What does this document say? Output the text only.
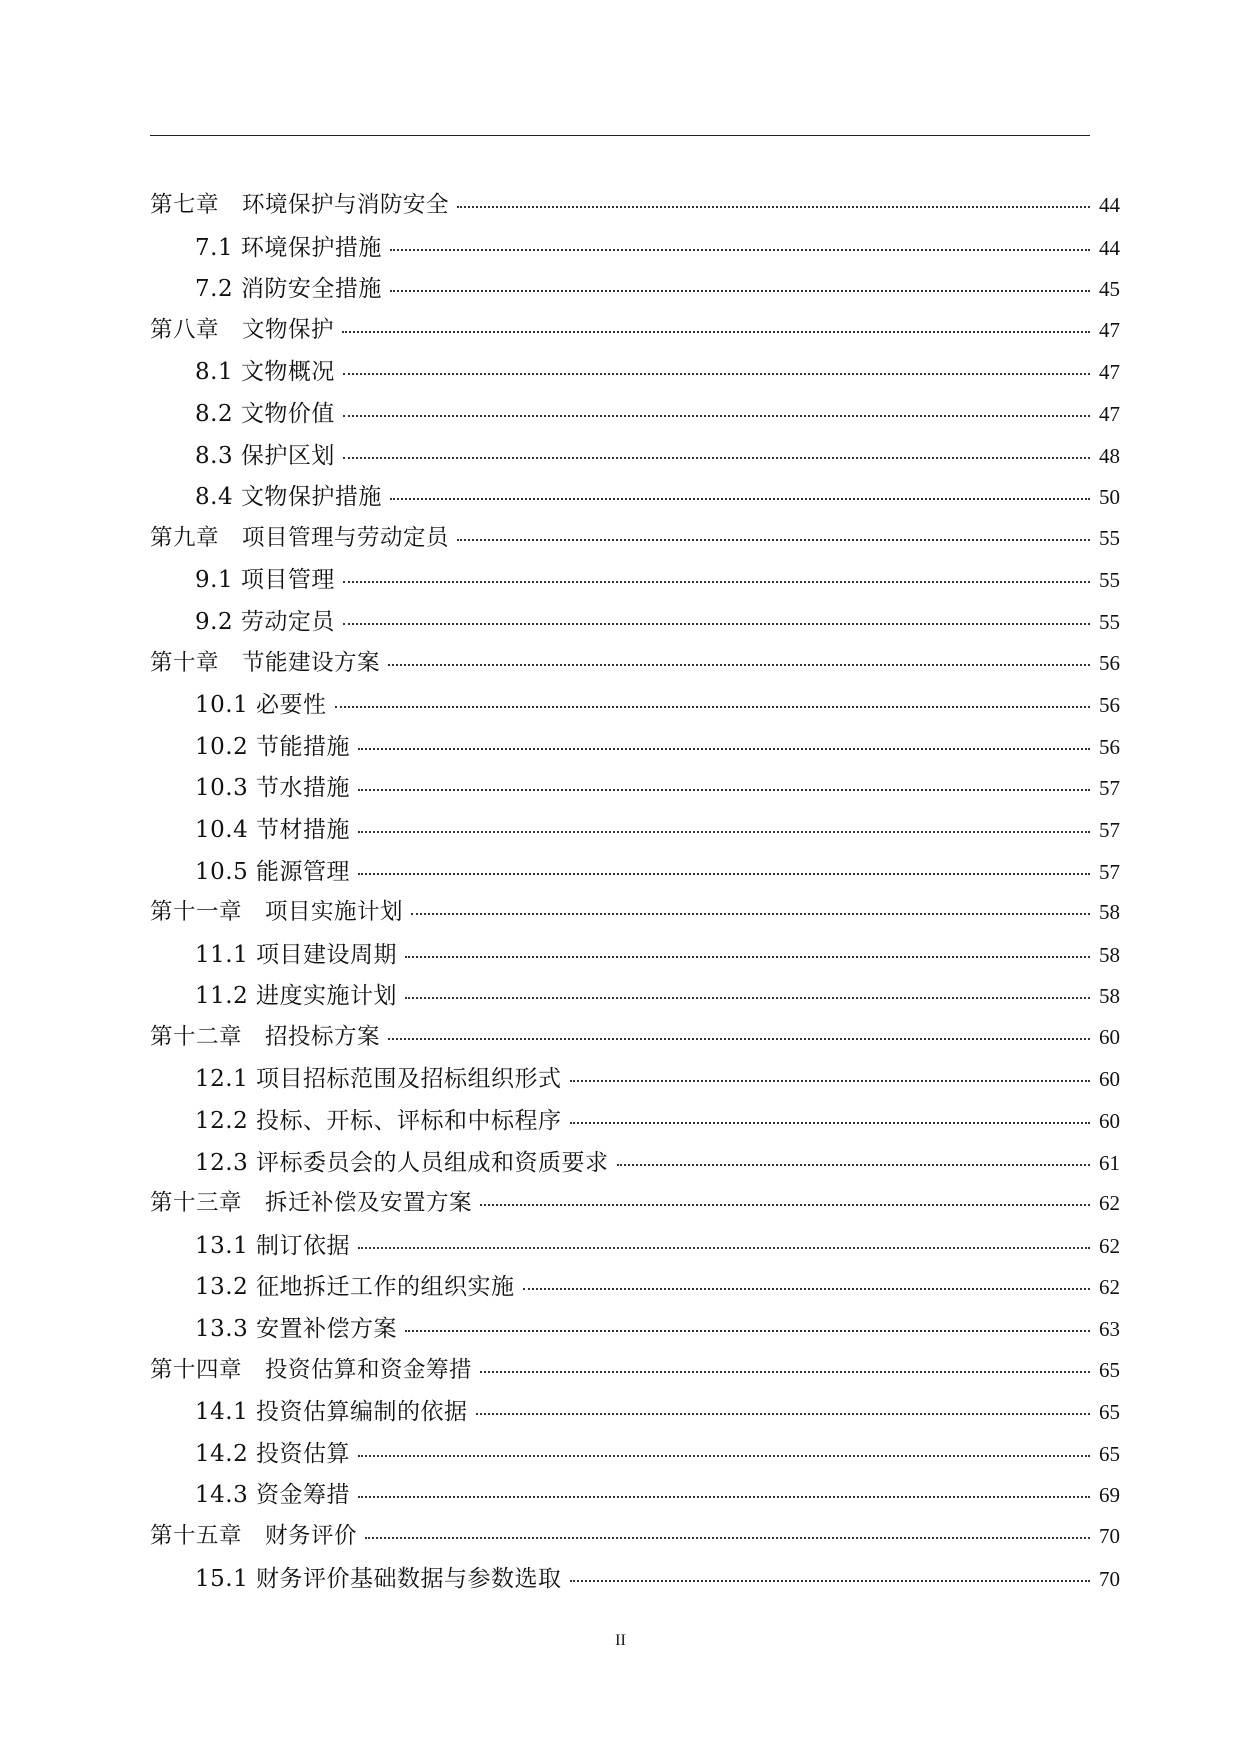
第七章　环境保护与消防安全	44
7.1 环境保护措施	44
7.2 消防安全措施	45
第八章　文物保护	47
8.1 文物概况	47
8.2 文物价值	47
8.3 保护区划	48
8.4 文物保护措施	50
第九章　项目管理与劳动定员	55
9.1 项目管理	55
9.2 劳动定员	55
第十章　节能建设方案	56
10.1 必要性	56
10.2 节能措施	56
10.3 节水措施	57
10.4 节材措施	57
10.5 能源管理	57
第十一章　项目实施计划	58
11.1 项目建设周期	58
11.2 进度实施计划	58
第十二章　招投标方案	60
12.1 项目招标范围及招标组织形式	60
12.2 投标、开标、评标和中标程序	60
12.3 评标委员会的人员组成和资质要求	61
第十三章　拆迁补偿及安置方案	62
13.1 制订依据	62
13.2 征地拆迁工作的组织实施	62
13.3 安置补偿方案	63
第十四章　投资估算和资金筹措	65
14.1 投资估算编制的依据	65
14.2 投资估算	65
14.3 资金筹措	69
第十五章　财务评价	70
15.1 财务评价基础数据与参数选取	70
II
